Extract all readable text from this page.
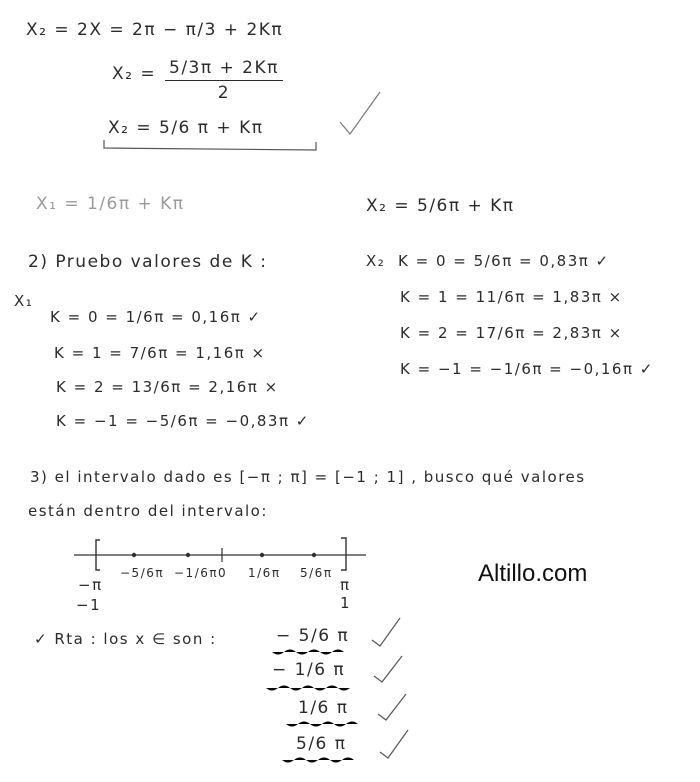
X₂ = 2X = 2π − π/3 + 2Kπ
X₂ = 5/3π + 2Kπ
2
X₂ = 5/6 π + Kπ
X₁ = 1/6π + Kπ	X₂ = 5/6π + Kπ
2) Pruebo valores de K :
X₁
K = 0 = 1/6π = 0,16π ✓
K = 1 = 7/6π = 1,16π ×
K = 2 = 13/6π = 2,16π ×
K = −1 = −5/6π = −0,83π ✓
X₂ K = 0 = 5/6π = 0,83π ✓
K = 1 = 11/6π = 1,83π ×
K = 2 = 17/6π = 2,83π ×
K = −1 = −1/6π = −0,16π ✓
3) el intervalo dado es [−π ; π] = [−1 ; 1] , busco qué valores
están dentro del intervalo:
−π
−1
π
1
−5/6π −1/6π 0 1/6π 5/6π
✓ Rta : los x ∈ son :	− 5/6 π
− 1/6 π
1/6 π
5/6 π
Altillo.com
